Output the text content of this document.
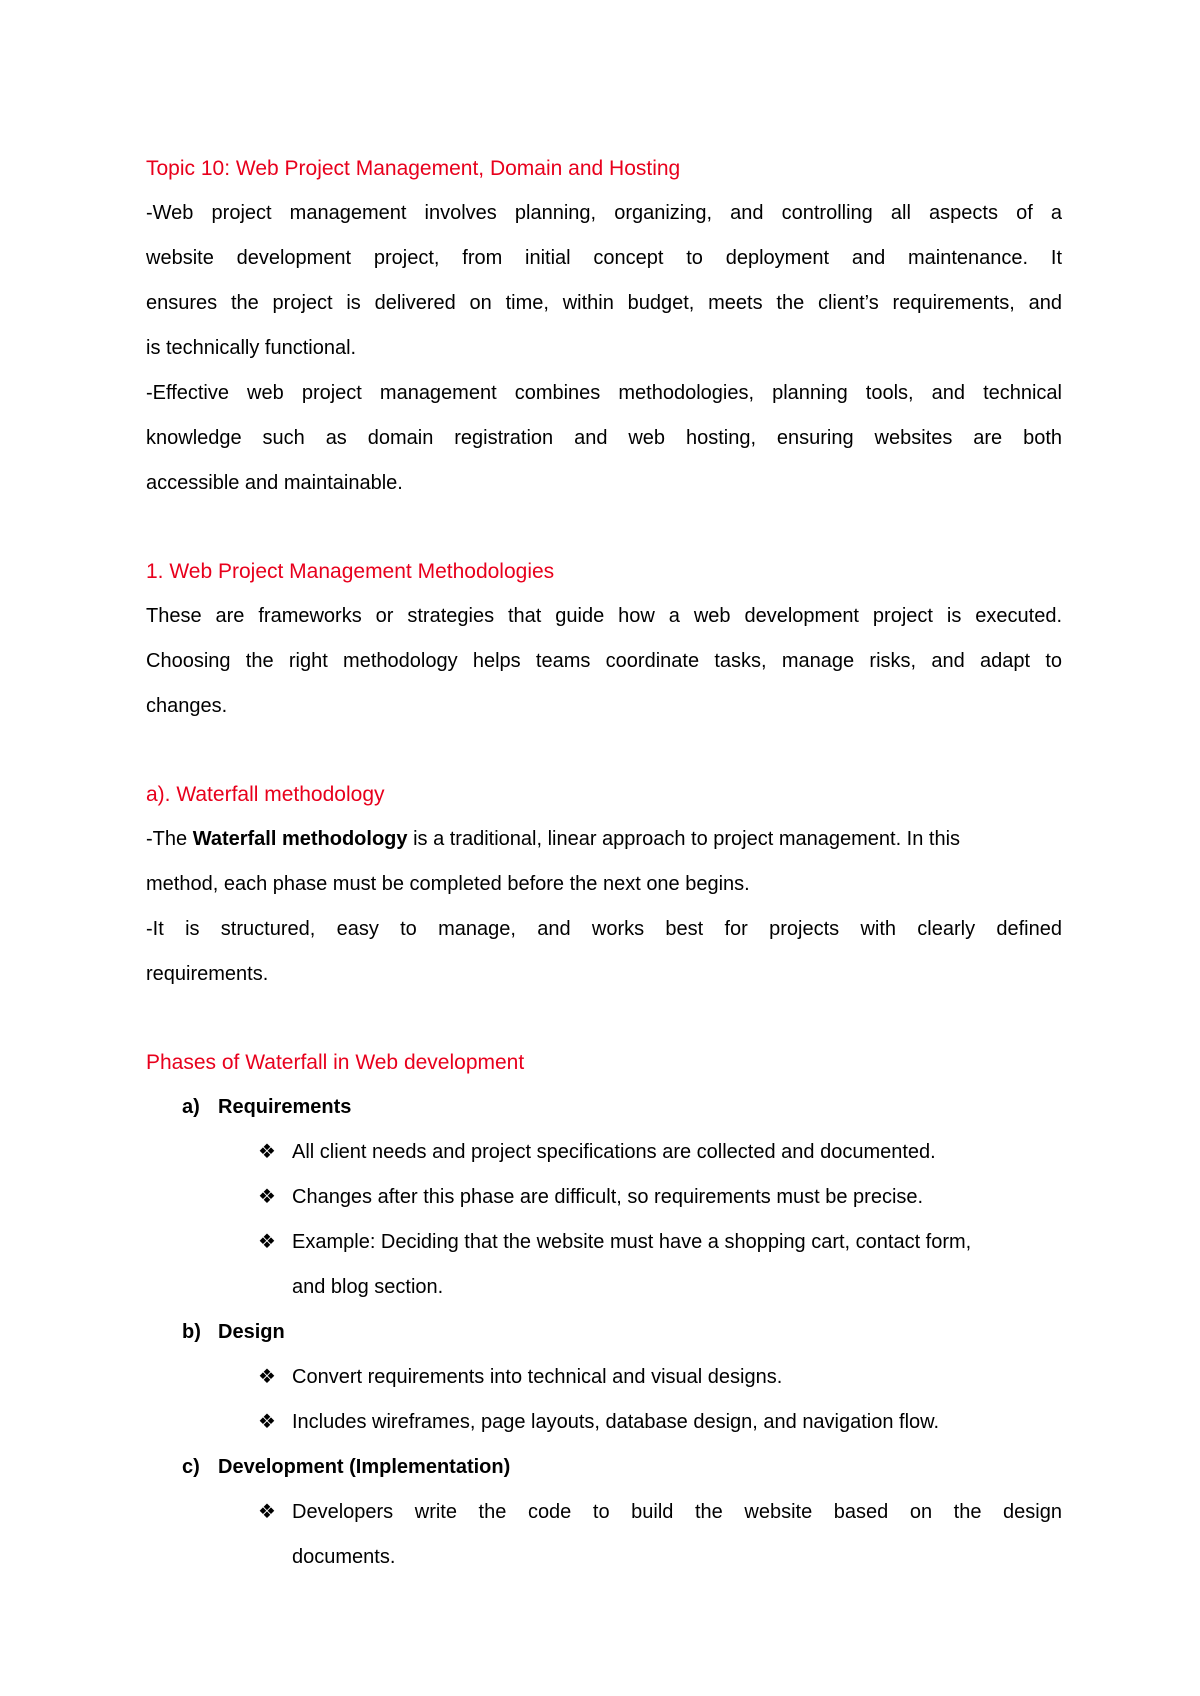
Topic 10: Web Project Management, Domain and Hosting
-Web project management involves planning, organizing, and controlling all aspects of a
website development project, from initial concept to deployment and maintenance. It
ensures the project is delivered on time, within budget, meets the client’s requirements, and
is technically functional.
-Effective web project management combines methodologies, planning tools, and technical
knowledge such as domain registration and web hosting, ensuring websites are both
accessible and maintainable.
1. Web Project Management Methodologies
These are frameworks or strategies that guide how a web development project is executed.
Choosing the right methodology helps teams coordinate tasks, manage risks, and adapt to
changes.
a). Waterfall methodology
-The Waterfall methodology is a traditional, linear approach to project management. In this
method, each phase must be completed before the next one begins.
-It is structured, easy to manage, and works best for projects with clearly defined
requirements.
Phases of Waterfall in Web development
a) Requirements
❖ All client needs and project specifications are collected and documented.
❖ Changes after this phase are difficult, so requirements must be precise.
❖ Example: Deciding that the website must have a shopping cart, contact form,
and blog section.
b) Design
❖ Convert requirements into technical and visual designs.
❖ Includes wireframes, page layouts, database design, and navigation flow.
c) Development (Implementation)
❖ Developers write the code to build the website based on the design
documents.
